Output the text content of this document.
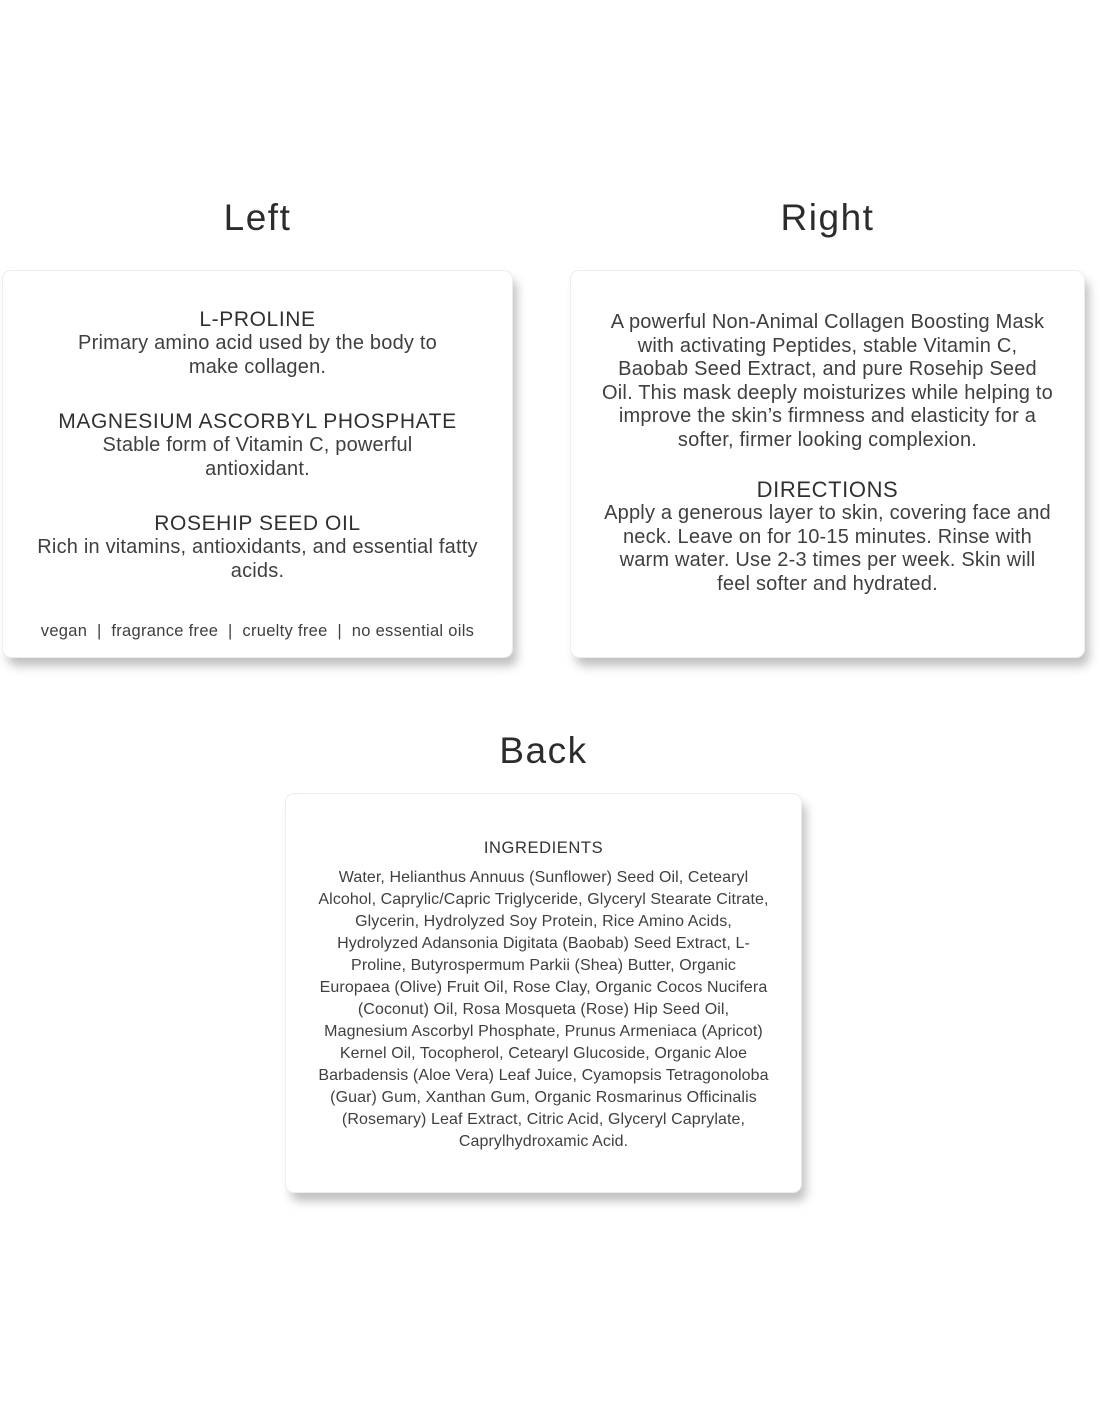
Left	Right
L-PROLINE
Primary amino acid used by the body to make collagen.
MAGNESIUM ASCORBYL PHOSPHATE
Stable form of Vitamin C, powerful antioxidant.
ROSEHIP SEED OIL
Rich in vitamins, antioxidants, and essential fatty acids.
vegan  |  fragrance free  |  cruelty free  |  no essential oils

A powerful Non-Animal Collagen Boosting Mask with activating Peptides, stable Vitamin C, Baobab Seed Extract, and pure Rosehip Seed Oil. This mask deeply moisturizes while helping to improve the skin’s firmness and elasticity for a softer, firmer looking complexion.

DIRECTIONS

Apply a generous layer to skin, covering face and neck. Leave on for 10-15 minutes. Rinse with warm water. Use 2-3 times per week. Skin will feel softer and hydrated.

Back
INGREDIENTS

Water, Helianthus Annuus (Sunflower) Seed Oil, Cetearyl Alcohol, Caprylic/Capric Triglyceride, Glyceryl Stearate Citrate, Glycerin, Hydrolyzed Soy Protein, Rice Amino Acids, Hydrolyzed Adansonia Digitata (Baobab) Seed Extract, L-Proline, Butyrospermum Parkii (Shea) Butter, Organic Europaea (Olive) Fruit Oil, Rose Clay, Organic Cocos Nucifera (Coconut) Oil, Rosa Mosqueta (Rose) Hip Seed Oil, Magnesium Ascorbyl Phosphate, Prunus Armeniaca (Apricot) Kernel Oil, Tocopherol, Cetearyl Glucoside, Organic Aloe Barbadensis (Aloe Vera) Leaf Juice, Cyamopsis Tetragonoloba (Guar) Gum, Xanthan Gum, Organic Rosmarinus Officinalis (Rosemary) Leaf Extract, Citric Acid, Glyceryl Caprylate, Caprylhydroxamic Acid.
